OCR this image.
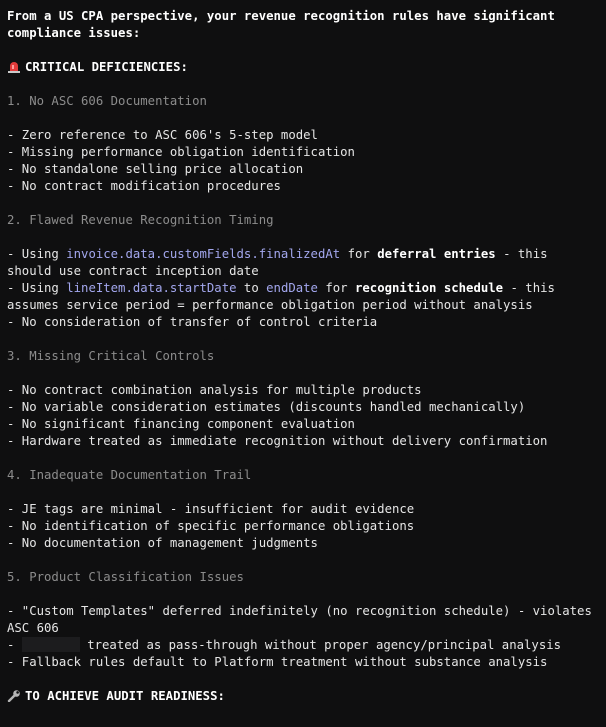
From a US CPA perspective, your revenue recognition rules have significant compliance issues:
CRITICAL DEFICIENCIES:
1. No ASC 606 Documentation
- Zero reference to ASC 606's 5-step model
- Missing performance obligation identification
- No standalone selling price allocation
- No contract modification procedures
2. Flawed Revenue Recognition Timing
- Using invoice.data.customFields.finalizedAt for deferral entries - this should use contract inception date
- Using lineItem.data.startDate to endDate for recognition schedule - this assumes service period = performance obligation period without analysis
- No consideration of transfer of control criteria
3. Missing Critical Controls
- No contract combination analysis for multiple products
- No variable consideration estimates (discounts handled mechanically)
- No significant financing component evaluation
- Hardware treated as immediate recognition without delivery confirmation
4. Inadequate Documentation Trail
- JE tags are minimal - insufficient for audit evidence
- No identification of specific performance obligations
- No documentation of management judgments
5. Product Classification Issues
- "Custom Templates" deferred indefinitely (no recognition schedule) - violates ASC 606
-	treated as pass-through without proper agency/principal analysis
- Fallback rules default to Platform treatment without substance analysis
TO ACHIEVE AUDIT READINESS:
